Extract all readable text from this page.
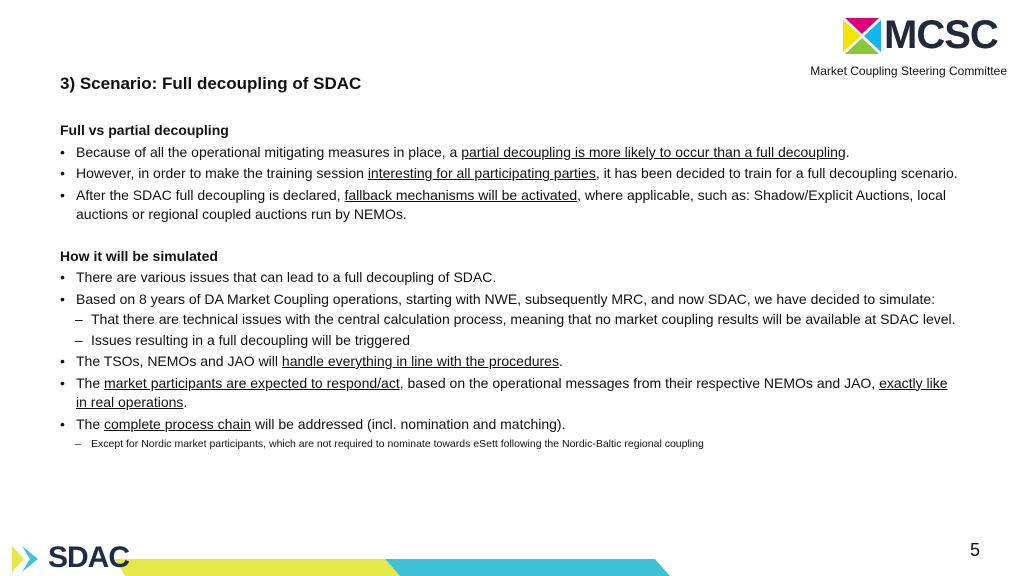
MCSC
Market Coupling Steering Committee
3) Scenario: Full decoupling of SDAC

Full vs partial decoupling

• Because of all the operational mitigating measures in place, a partial decoupling is more likely to occur than a full decoupling.
• However, in order to make the training session interesting for all participating parties, it has been decided to train for a full decoupling scenario.
• After the SDAC full decoupling is declared, fallback mechanisms will be activated, where applicable, such as: Shadow/Explicit Auctions, local auctions or regional coupled auctions run by NEMOs.

How it will be simulated

• There are various issues that can lead to a full decoupling of SDAC.
• Based on 8 years of DA Market Coupling operations, starting with NWE, subsequently MRC, and now SDAC, we have decided to simulate:
– That there are technical issues with the central calculation process, meaning that no market coupling results will be available at SDAC level.
– Issues resulting in a full decoupling will be triggered
• The TSOs, NEMOs and JAO will handle everything in line with the procedures.
• The market participants are expected to respond/act, based on the operational messages from their respective NEMOs and JAO, exactly like in real operations.
• The complete process chain will be addressed (incl. nomination and matching).
– Except for Nordic market participants, which are not required to nominate towards eSett following the Nordic-Baltic regional coupling
5
SDAC
